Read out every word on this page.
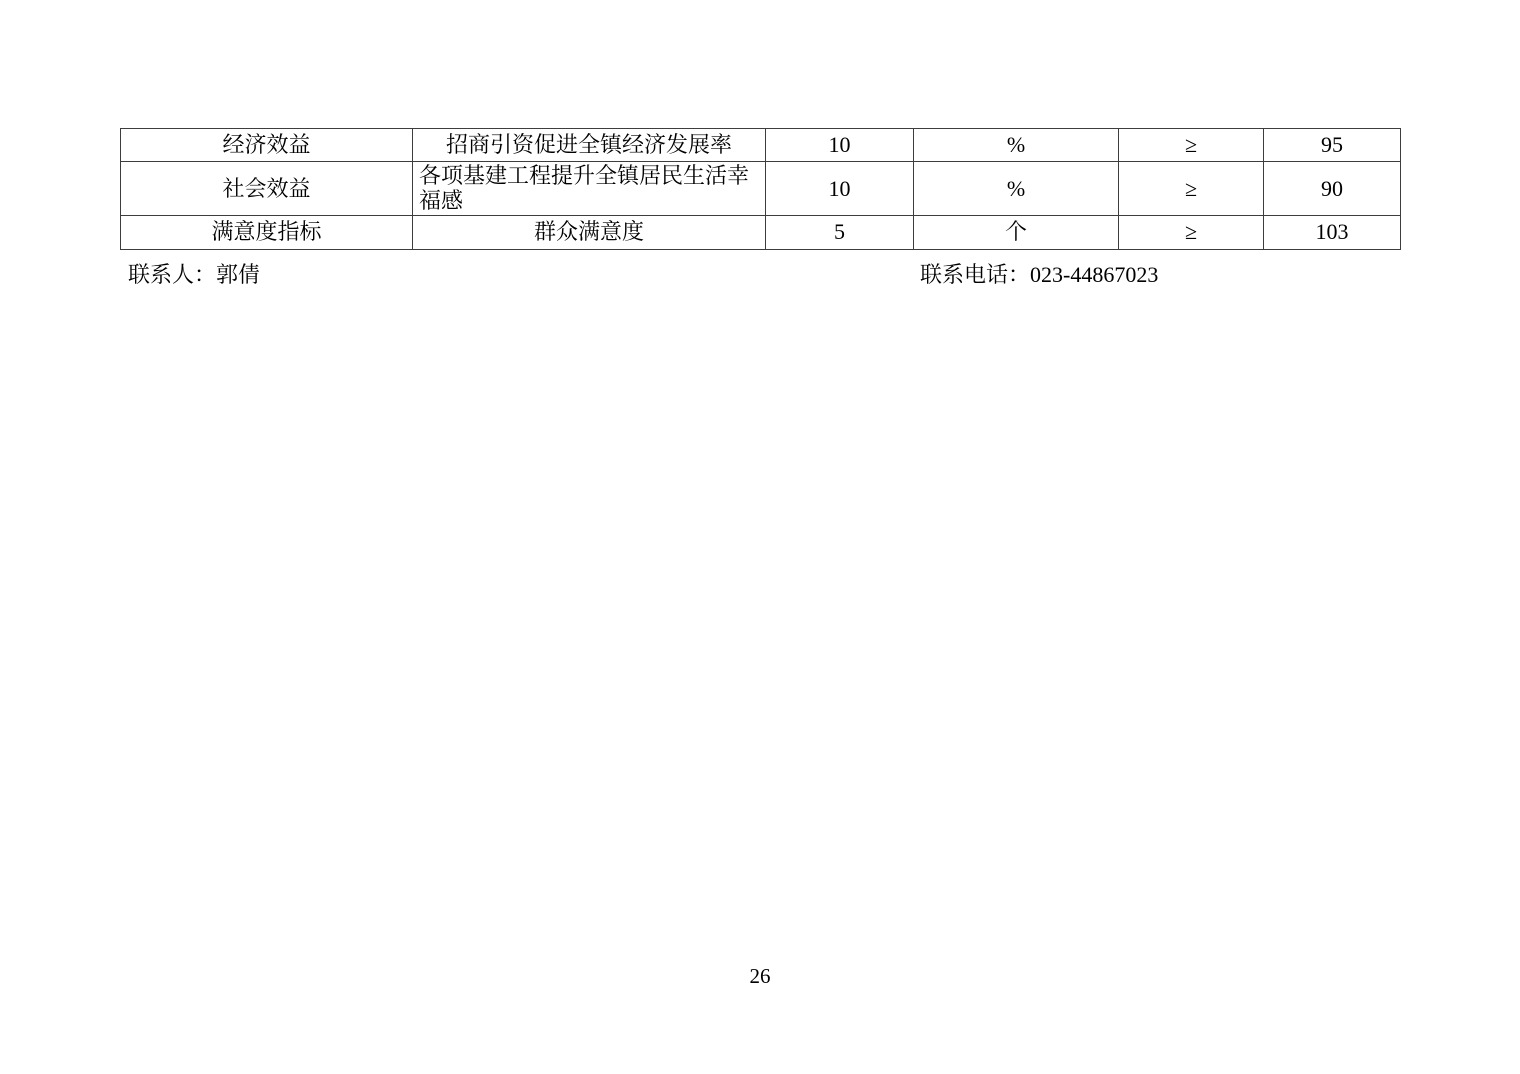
经济效益	招商引资促进全镇经济发展率	10	%	≥	95
社会效益	各项基建工程提升全镇居民生活幸福感	10	%	≥	90
满意度指标	群众满意度	5	个	≥	103
联系人：郭倩	联系电话：023-44867023
26
